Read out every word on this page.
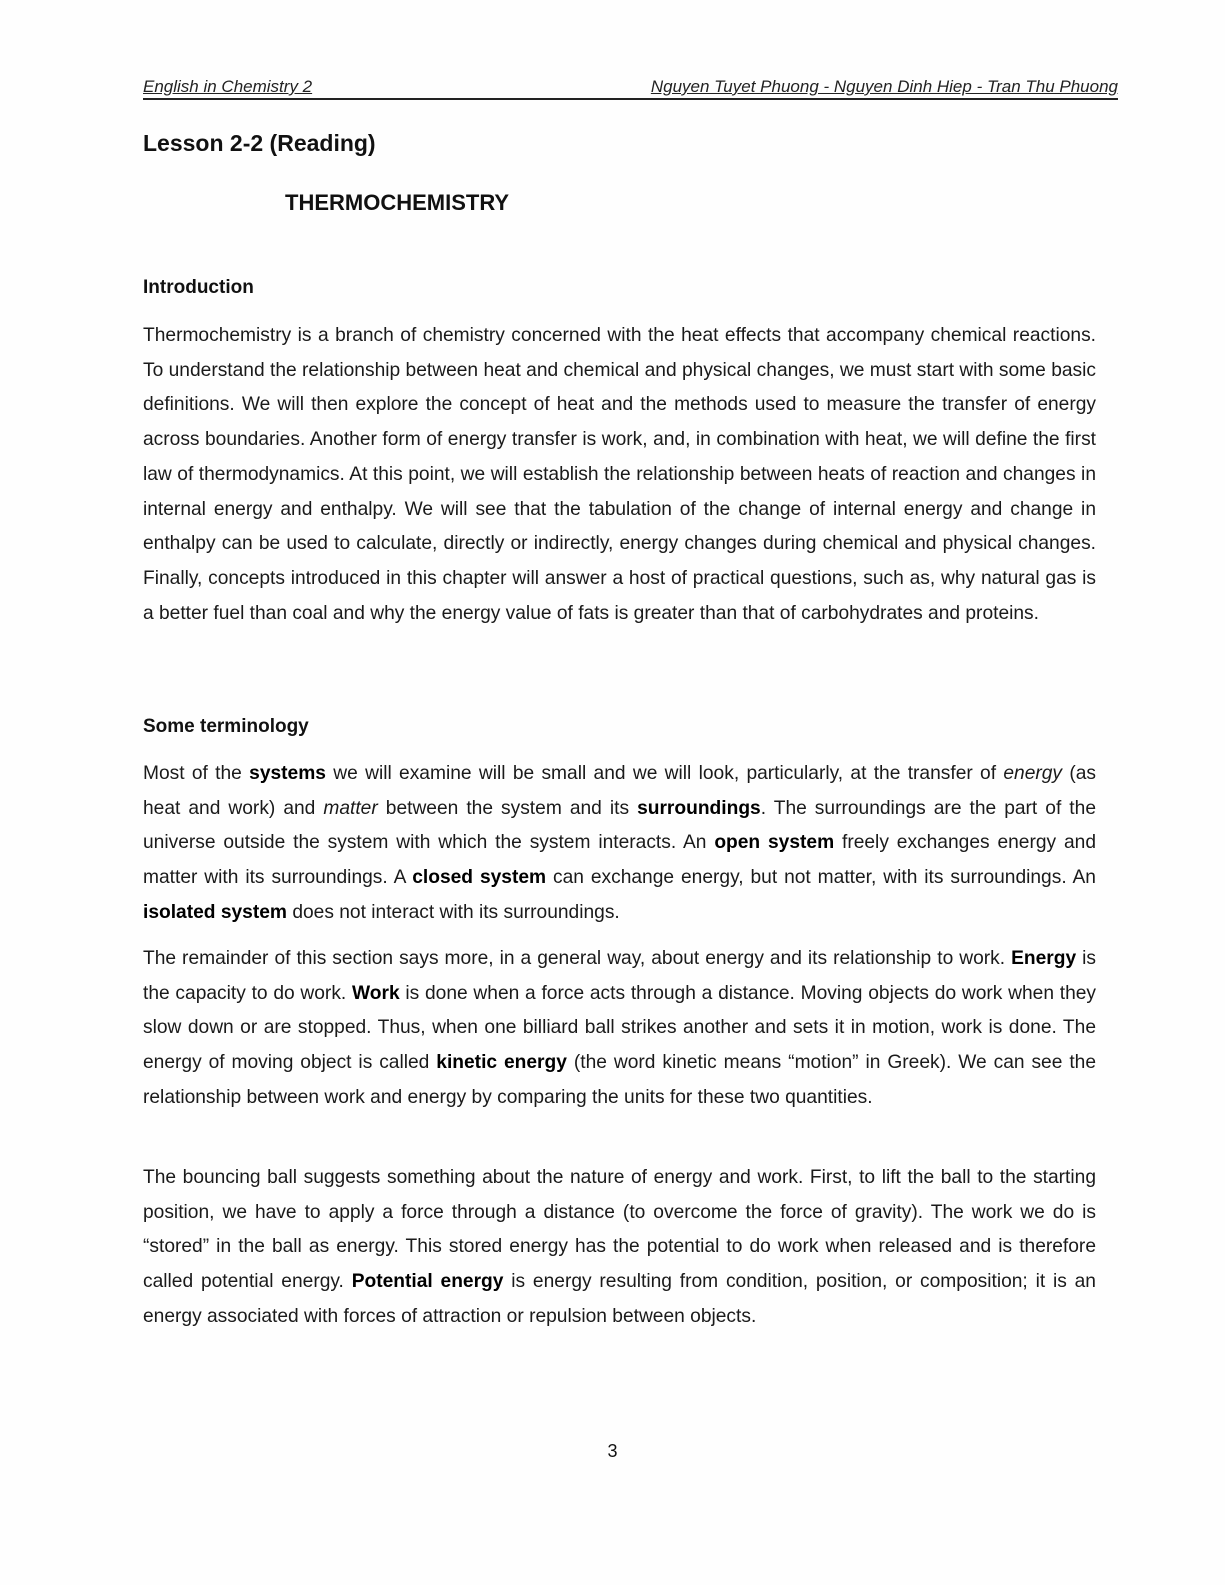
English in Chemistry 2	Nguyen Tuyet Phuong - Nguyen Dinh Hiep - Tran Thu Phuong
Lesson 2-2 (Reading)
THERMOCHEMISTRY
Introduction

Thermochemistry is a branch of chemistry concerned with the heat effects that accompany chemical reactions. To understand the relationship between heat and chemical and physical changes, we must start with some basic definitions. We will then explore the concept of heat and the methods used to measure the transfer of energy across boundaries. Another form of energy transfer is work, and, in combination with heat, we will define the first law of thermodynamics. At this point, we will establish the relationship between heats of reaction and changes in internal energy and enthalpy. We will see that the tabulation of the change of internal energy and change in enthalpy can be used to calculate, directly or indirectly, energy changes during chemical and physical changes. Finally, concepts introduced in this chapter will answer a host of practical questions, such as, why natural gas is a better fuel than coal and why the energy value of fats is greater than that of carbohydrates and proteins.

Some terminology

Most of the systems we will examine will be small and we will look, particularly, at the transfer of energy (as heat and work) and matter between the system and its surroundings. The surroundings are the part of the universe outside the system with which the system interacts. An open system freely exchanges energy and matter with its surroundings. A closed system can exchange energy, but not matter, with its surroundings. An isolated system does not interact with its surroundings.

The remainder of this section says more, in a general way, about energy and its relationship to work. Energy is the capacity to do work. Work is done when a force acts through a distance. Moving objects do work when they slow down or are stopped. Thus, when one billiard ball strikes another and sets it in motion, work is done. The energy of moving object is called kinetic energy (the word kinetic means “motion” in Greek). We can see the relationship between work and energy by comparing the units for these two quantities.

The bouncing ball suggests something about the nature of energy and work. First, to lift the ball to the starting position, we have to apply a force through a distance (to overcome the force of gravity). The work we do is “stored” in the ball as energy. This stored energy has the potential to do work when released and is therefore called potential energy. Potential energy is energy resulting from condition, position, or composition; it is an energy associated with forces of attraction or repulsion between objects.

3
